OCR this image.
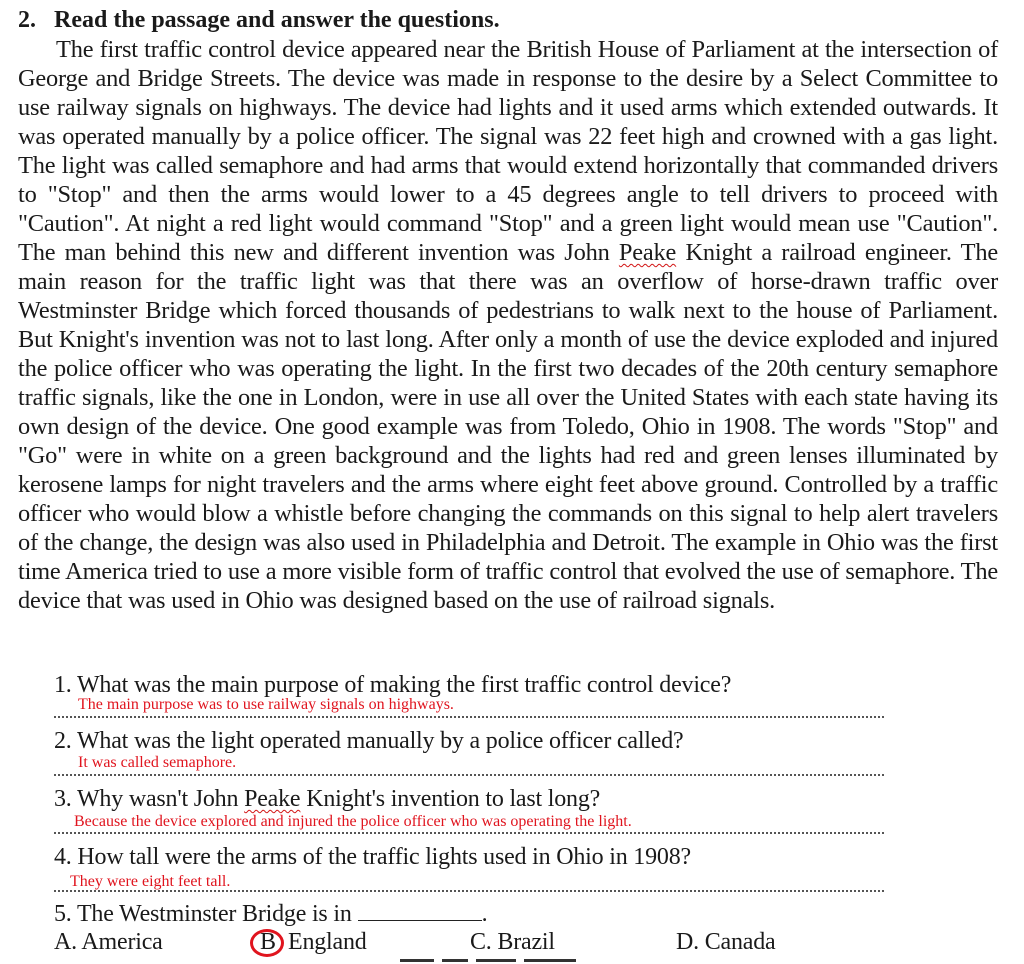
2. Read the passage and answer the questions.

The first traffic control device appeared near the British House of Parliament at the intersection of George and Bridge Streets. The device was made in response to the desire by a Select Committee to use railway signals on highways. The device had lights and it used arms which extended outwards. It was operated manually by a police officer. The signal was 22 feet high and crowned with a gas light. The light was called semaphore and had arms that would extend horizontally that commanded drivers to "Stop" and then the arms would lower to a 45 degrees angle to tell drivers to proceed with "Caution". At night a red light would command "Stop" and a green light would mean use "Caution". The man behind this new and different invention was John Peake Knight a railroad engineer. The main reason for the traffic light was that there was an overflow of horse-drawn traffic over Westminster Bridge which forced thousands of pedestrians to walk next to the house of Parliament. But Knight's invention was not to last long. After only a month of use the device exploded and injured the police officer who was operating the light. In the first two decades of the 20th century semaphore traffic signals, like the one in London, were in use all over the United States with each state having its own design of the device. One good example was from Toledo, Ohio in 1908. The words "Stop" and "Go" were in white on a green background and the lights had red and green lenses illuminated by kerosene lamps for night travelers and the arms where eight feet above ground. Controlled by a traffic officer who would blow a whistle before changing the commands on this signal to help alert travelers of the change, the design was also used in Philadelphia and Detroit. The example in Ohio was the first time America tried to use a more visible form of traffic control that evolved the use of semaphore. The device that was used in Ohio was designed based on the use of railroad signals.

1. What was the main purpose of making the first traffic control device?
The main purpose was to use railway signals on highways.
2. What was the light operated manually by a police officer called?
It was called semaphore.
3. Why wasn't John Peake Knight's invention to last long?
Because the device explored and injured the police officer who was operating the light.
4. How tall were the arms of the traffic lights used in Ohio in 1908?
They were eight feet tall.
5. The Westminster Bridge is in	.
A. America	B England	C. Brazil	D. Canada
